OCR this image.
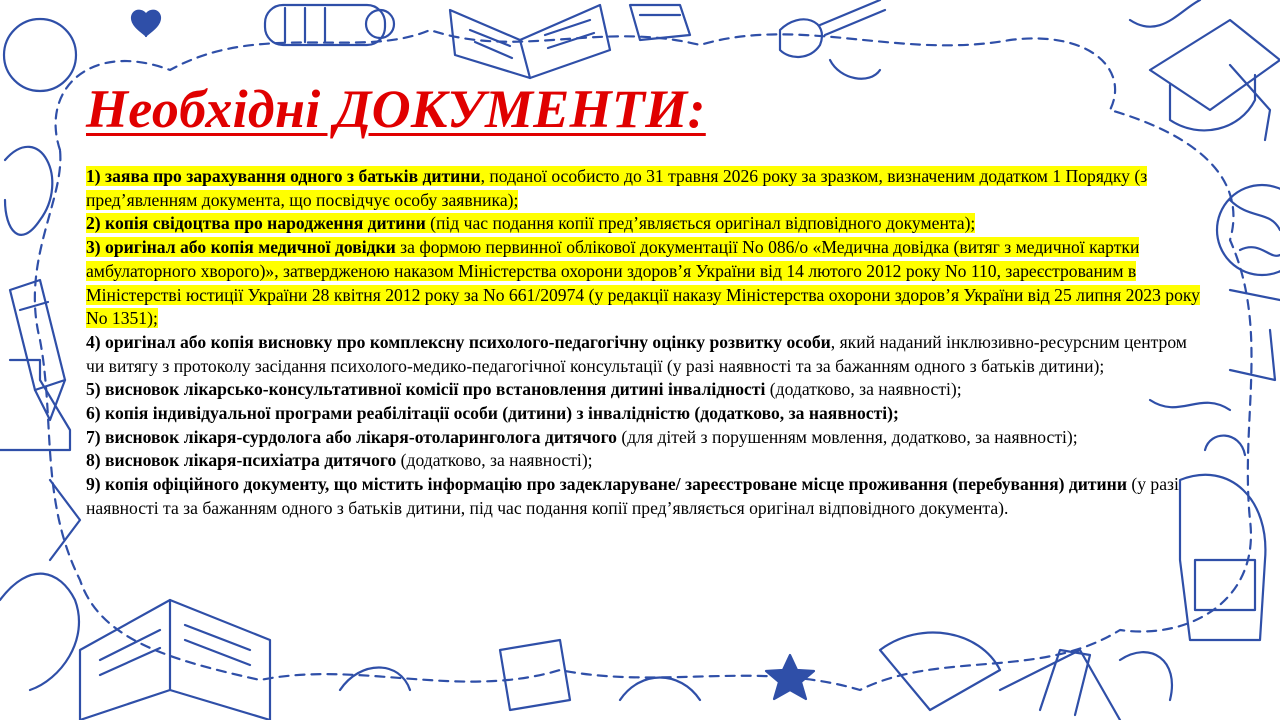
Необхідні ДОКУМЕНТИ:

1) заява про зарахування одного з батьків дитини, поданої особисто до 31 травня 2026 року за зразком, визначеним додатком 1 Порядку (з пред’явленням документа, що посвідчує особу заявника);

2) копія свідоцтва про народження дитини (під час подання копії пред’являється оригінал відповідного документа);

3) оригінал або копія медичної довідки за формою первинної облікової документації No 086/о «Медична довідка (витяг з медичної картки амбулаторного хворого)», затвердженою наказом Міністерства охорони здоров’я України від 14 лютого 2012 року No 110, зареєстрованим в Міністерстві юстиції України 28 квітня 2012 року за No 661/20974 (у редакції наказу Міністерства охорони здоров’я України від 25 липня 2023 року No 1351);

4) оригінал або копія висновку про комплексну психолого-педагогічну оцінку розвитку особи, який наданий інклюзивно-ресурсним центром чи витягу з протоколу засідання психолого-медико-педагогічної консультації (у разі наявності та за бажанням одного з батьків дитини);

5) висновок лікарсько-консультативної комісії про встановлення дитині інвалідності (додатково, за наявності);

6) копія індивідуальної програми реабілітації особи (дитини) з інвалідністю (додатково, за наявності);

7) висновок лікаря-сурдолога або лікаря-отоларинголога дитячого (для дітей з порушенням мовлення, додатково, за наявності);

8) висновок лікаря-психіатра дитячого (додатково, за наявності);

9) копія офіційного документу, що містить інформацію про задекларуване/ зареєстроване місце проживання (перебування) дитини (у разі наявності та за бажанням одного з батьків дитини, під час подання копії пред’являється оригінал відповідного документа).
